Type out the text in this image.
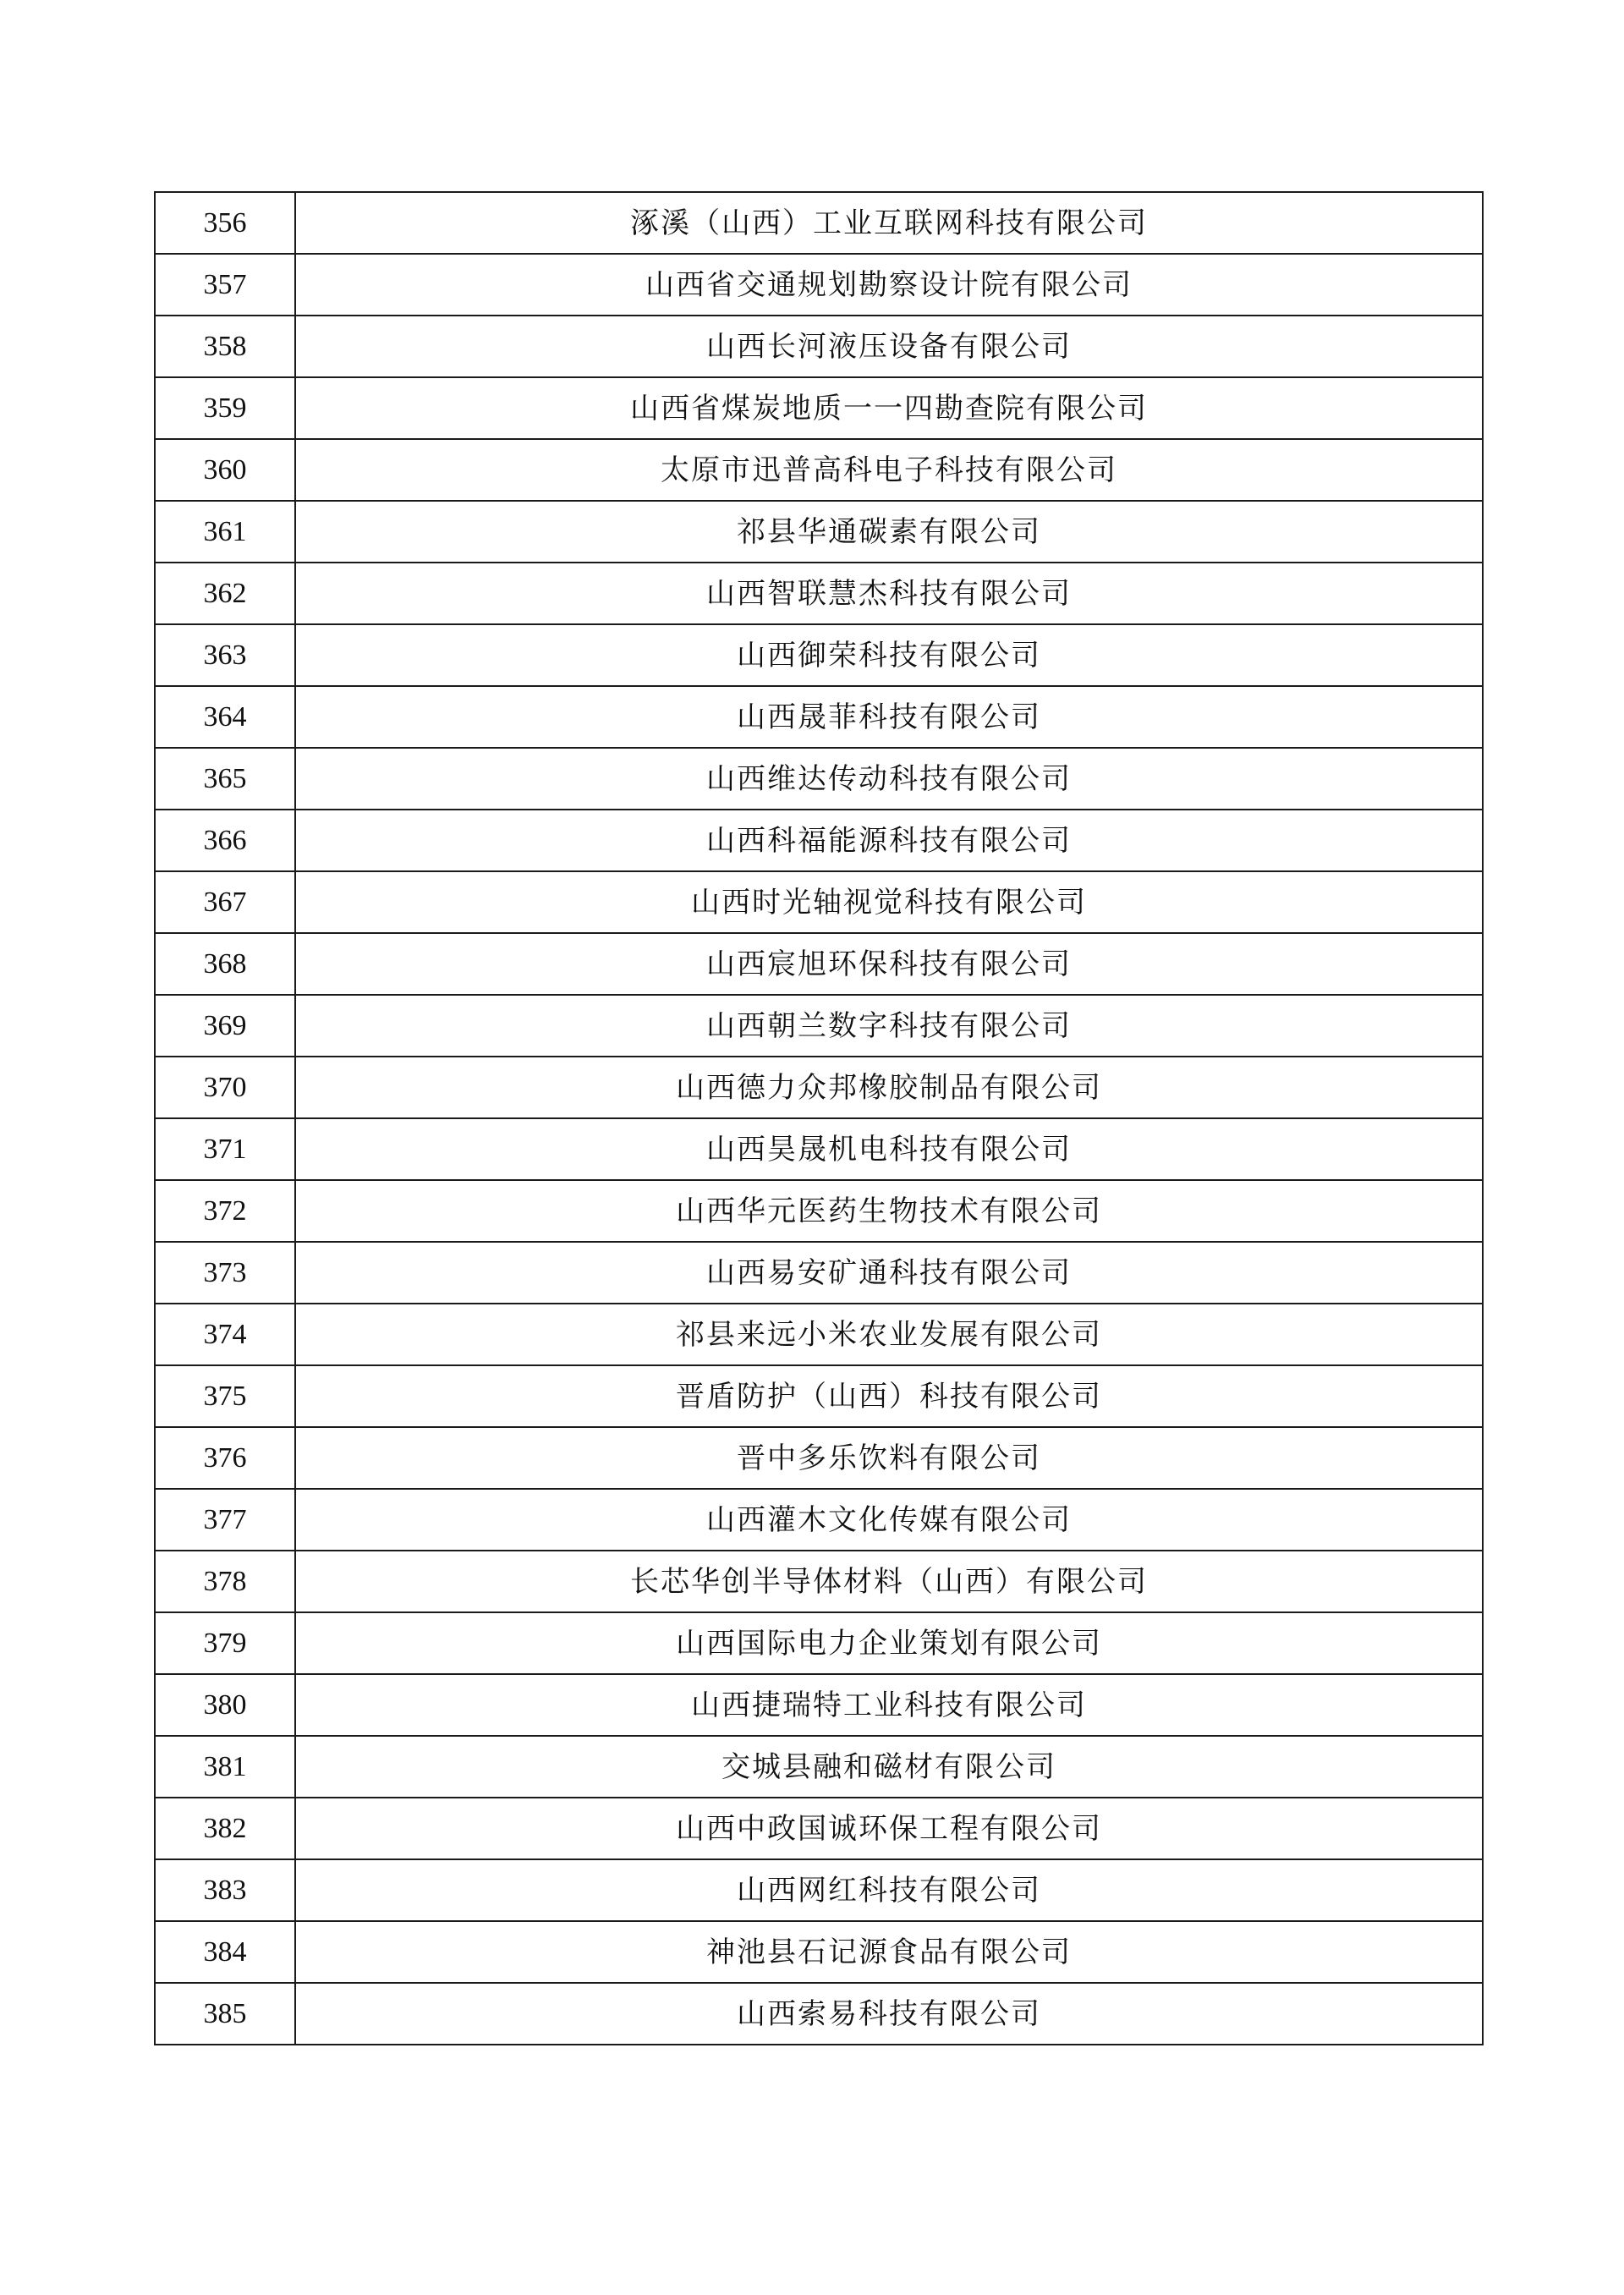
356	涿溪（山西）工业互联网科技有限公司
357	山西省交通规划勘察设计院有限公司
358	山西长河液压设备有限公司
359	山西省煤炭地质一一四勘查院有限公司
360	太原市迅普高科电子科技有限公司
361	祁县华通碳素有限公司
362	山西智联慧杰科技有限公司
363	山西御荣科技有限公司
364	山西晟菲科技有限公司
365	山西维达传动科技有限公司
366	山西科福能源科技有限公司
367	山西时光轴视觉科技有限公司
368	山西宸旭环保科技有限公司
369	山西朝兰数字科技有限公司
370	山西德力众邦橡胶制品有限公司
371	山西昊晟机电科技有限公司
372	山西华元医药生物技术有限公司
373	山西易安矿通科技有限公司
374	祁县来远小米农业发展有限公司
375	晋盾防护（山西）科技有限公司
376	晋中多乐饮料有限公司
377	山西灌木文化传媒有限公司
378	长芯华创半导体材料（山西）有限公司
379	山西国际电力企业策划有限公司
380	山西捷瑞特工业科技有限公司
381	交城县融和磁材有限公司
382	山西中政国诚环保工程有限公司
383	山西网红科技有限公司
384	神池县石记源食品有限公司
385	山西索易科技有限公司
